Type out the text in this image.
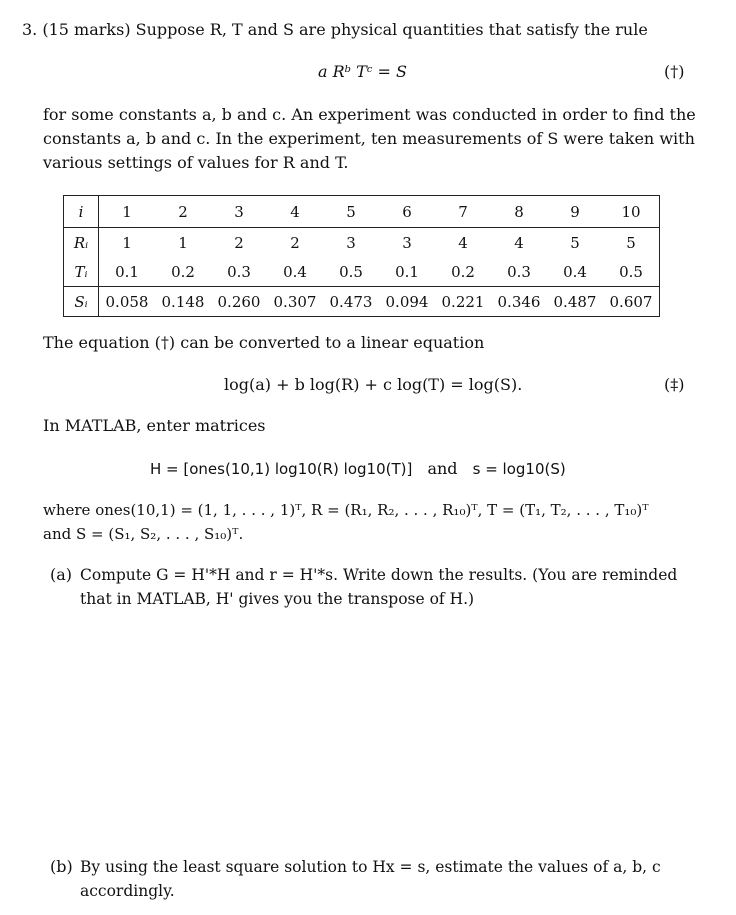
3. (15 marks) Suppose R, T and S are physical quantities that satisfy the rule
a Rᵇ Tᶜ = S	(†)
for some constants a, b and c. An experiment was conducted in order to find the
constants a, b and c. In the experiment, ten measurements of S were taken with
various settings of values for R and T.
i	1	2	3	4	5	6	7	8	9	10
Rᵢ	1	1	2	2	3	3	4	4	5	5
Tᵢ	0.1	0.2	0.3	0.4	0.5	0.1	0.2	0.3	0.4	0.5
Sᵢ	0.058	0.148	0.260	0.307	0.473	0.094	0.221	0.346	0.487	0.607
The equation (†) can be converted to a linear equation
log(a) + b log(R) + c log(T) = log(S).	(‡)
In MATLAB, enter matrices
H = [ones(10,1) log10(R) log10(T)] and s = log10(S)
where ones(10,1) = (1, 1, . . . , 1)ᵀ, R = (R₁, R₂, . . . , R₁₀)ᵀ, T = (T₁, T₂, . . . , T₁₀)ᵀ
and S = (S₁, S₂, . . . , S₁₀)ᵀ.
(a) Compute G = H'*H and r = H'*s. Write down the results. (You are reminded
that in MATLAB, H' gives you the transpose of H.)
(b) By using the least square solution to Hx = s, estimate the values of a, b, c
accordingly.
